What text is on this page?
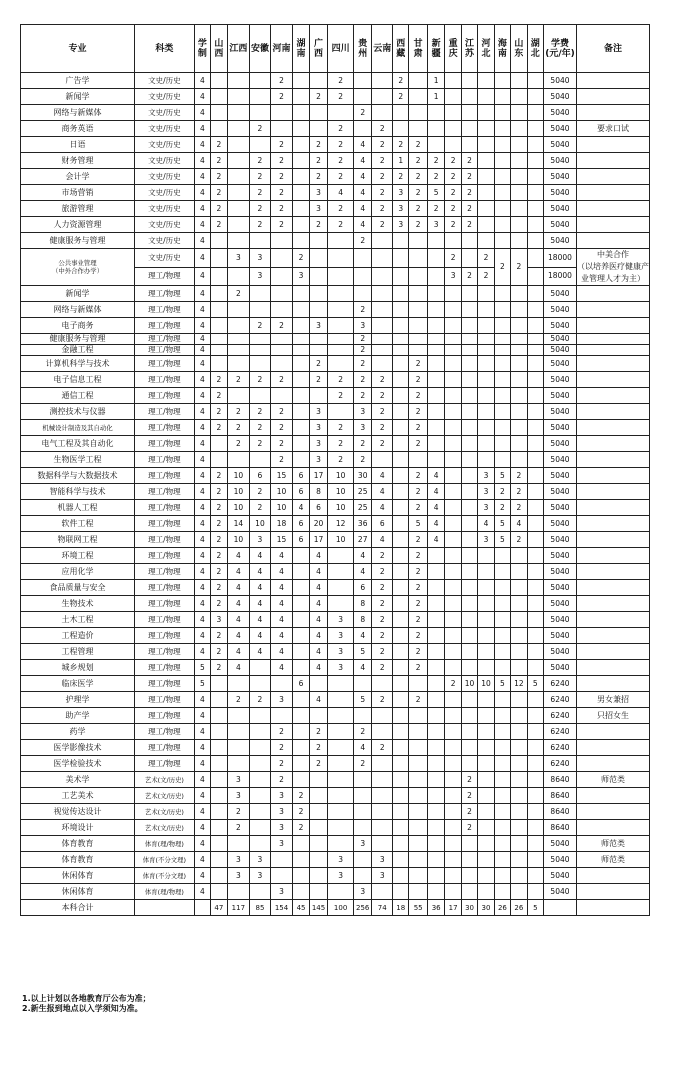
专业	科类	学制	山西	江西	安徽	河南	湖南	广西	四川	贵州	云南	西藏	甘肃	新疆	重庆	江苏	河北	海南	山东	湖北	学费(元/年)	备注
广告学	文史/历史	4				2			2			2		1							5040	
新闻学	文史/历史	4				2		2	2			2		1							5040	
网络与新媒体	文史/历史	4								2											5040	
商务英语	文史/历史	4			2				2		2										5040	要求口试
日语	文史/历史	4	2			2		2	2	4	2	2	2								5040	
财务管理	文史/历史	4	2		2	2		2	2	4	2	1	2	2	2	2					5040	
会计学	文史/历史	4	2		2	2		2	2	4	2	2	2	2	2	2					5040	
市场营销	文史/历史	4	2		2	2		3	4	4	2	3	2	5	2	2					5040	
旅游管理	文史/历史	4	2		2	2		3	2	4	2	3	2	2	2	2					5040	
人力资源管理	文史/历史	4	2		2	2		2	2	4	2	3	2	3	2	2					5040	
健康服务与管理	文史/历史	4								2											5040	
公共事业管理
（中外合作办学）	文史/历史	4		3	3		2								2		2	2	2		18000	中美合作
（以培养医疗健康产业管理人才为主）
	理工/物理	4			3		3								3	2	2				18000	
新闻学	理工/物理	4		2																	5040	
网络与新媒体	理工/物理	4								2											5040	
电子商务	理工/物理	4			2	2		3		3											5040	
健康服务与管理	理工/物理	4								2											5040	
金融工程	理工/物理	4								2											5040	
计算机科学与技术	理工/物理	4						2		2			2								5040	
电子信息工程	理工/物理	4	2	2	2	2		2	2	2	2		2								5040	
通信工程	理工/物理	4	2						2	2	2		2								5040	
测控技术与仪器	理工/物理	4	2	2	2	2		3		3	2		2								5040	
机械设计制造及其自动化	理工/物理	4	2	2	2	2		3	2	3	2		2								5040	
电气工程及其自动化	理工/物理	4		2	2	2		3	2	2	2		2								5040	
生物医学工程	理工/物理	4				2		3	2	2											5040	
数据科学与大数据技术	理工/物理	4	2	10	6	15	6	17	10	30	4		2	4			3	5	2		5040	
智能科学与技术	理工/物理	4	2	10	2	10	6	8	10	25	4		2	4			3	2	2		5040	
机器人工程	理工/物理	4	2	10	2	10	4	6	10	25	4		2	4			3	2	2		5040	
软件工程	理工/物理	4	2	14	10	18	6	20	12	36	6		5	4			4	5	4		5040	
物联网工程	理工/物理	4	2	10	3	15	6	17	10	27	4		2	4			3	5	2		5040	
环境工程	理工/物理	4	2	4	4	4		4		4	2		2								5040	
应用化学	理工/物理	4	2	4	4	4		4		4	2		2								5040	
食品质量与安全	理工/物理	4	2	4	4	4		4		6	2		2								5040	
生物技术	理工/物理	4	2	4	4	4		4		8	2		2								5040	
土木工程	理工/物理	4	3	4	4	4		4	3	8	2		2								5040	
工程造价	理工/物理	4	2	4	4	4		4	3	4	2		2								5040	
工程管理	理工/物理	4	2	4	4	4		4	3	5	2		2								5040	
城乡规划	理工/物理	5	2	4		4		4	3	4	2		2								5040	
临床医学	理工/物理	5					6								2	10	10	5	12	5	6240	
护理学	理工/物理	4		2	2	3		4		5	2		2								6240	男女兼招
助产学	理工/物理	4																			6240	只招女生
药学	理工/物理	4				2		2		2											6240	
医学影像技术	理工/物理	4				2		2		4	2										6240	
医学检验技术	理工/物理	4				2		2		2											6240	
美术学	艺术(文/历史)	4		3		2										2					8640	师范类
工艺美术	艺术(文/历史)	4		3		3	2									2					8640	
视觉传达设计	艺术(文/历史)	4		2		3	2									2					8640	
环境设计	艺术(文/历史)	4		2		3	2									2					8640	
体育教育	体育(理/物理)	4				3				3											5040	师范类
体育教育	体育(不分文理)	4		3	3				3		3										5040	师范类
休闲体育	体育(不分文理)	4		3	3				3		3										5040	
休闲体育	体育(理/物理)	4				3				3											5040	
本科合计			47	117	85	154	45	145	100	256	74	18	55	36	17	30	30	26	26	5		
1.以上计划以各地教育厅公布为准；
2.新生报到地点以入学须知为准。
